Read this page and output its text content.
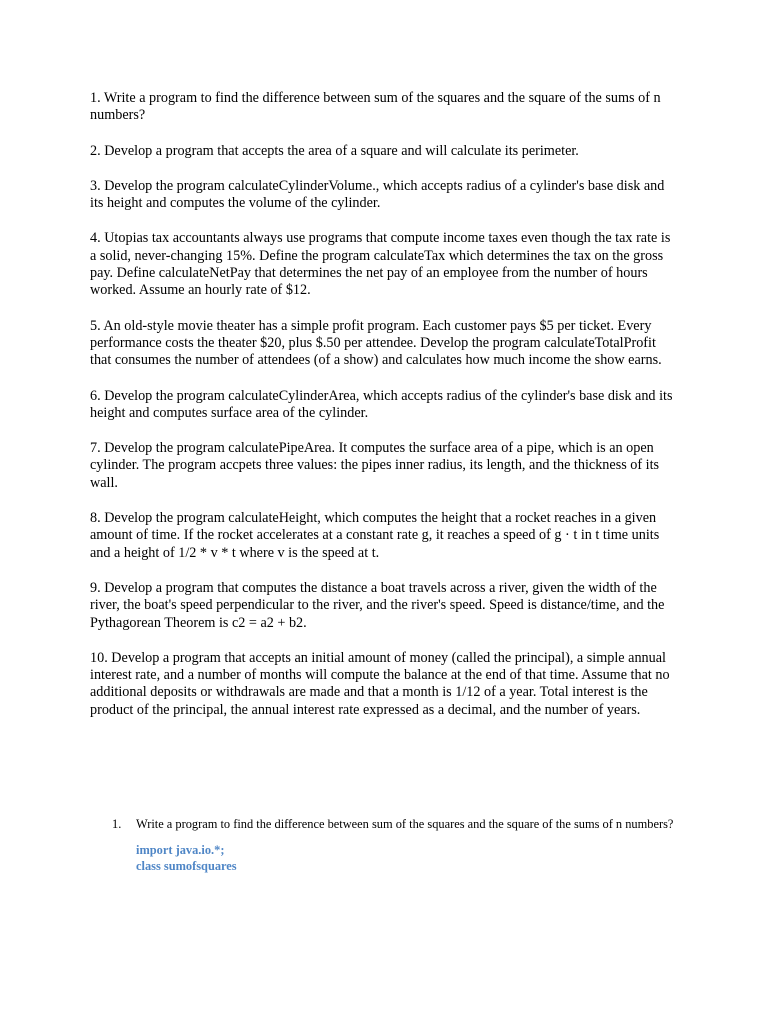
1. Write a program to find the difference between sum of the squares and the square of the sums of n numbers?

2. Develop a program that accepts the area of a square and will calculate its perimeter.

3. Develop the program calculateCylinderVolume., which accepts radius of a cylinder's base disk and its height and computes the volume of the cylinder.

4. Utopias tax accountants always use programs that compute income taxes even though the tax rate is a solid, never-changing 15%. Define the program calculateTax which determines the tax on the gross pay. Define calculateNetPay that determines the net pay of an employee from the number of hours worked. Assume an hourly rate of $12.

5. An old-style movie theater has a simple profit program. Each customer pays $5 per ticket. Every performance costs the theater $20, plus $.50 per attendee. Develop the program calculateTotalProfit that consumes the number of attendees (of a show) and calculates how much income the show earns.

6. Develop the program calculateCylinderArea, which accepts radius of the cylinder's base disk and its height and computes surface area of the cylinder.

7. Develop the program calculatePipeArea. It computes the surface area of a pipe, which is an open cylinder. The program accpets three values: the pipes inner radius, its length, and the thickness of its wall.

8. Develop the program calculateHeight, which computes the height that a rocket reaches in a given amount of time. If the rocket accelerates at a constant rate g, it reaches a speed of g · t in t time units and a height of 1/2 * v * t where v is the speed at t.

9. Develop a program that computes the distance a boat travels across a river, given the width of the river, the boat's speed perpendicular to the river, and the river's speed. Speed is distance/time, and the Pythagorean Theorem is c2 = a2 + b2.

10. Develop a program that accepts an initial amount of money (called the principal), a simple annual interest rate, and a number of months will compute the balance at the end of that time. Assume that no additional deposits or withdrawals are made and that a month is 1/12 of a year. Total interest is the product of the principal, the annual interest rate expressed as a decimal, and the number of years.

1.	Write a program to find the difference between sum of the squares and the square of the sums of n numbers?
import java.io.*;
class sumofsquares
